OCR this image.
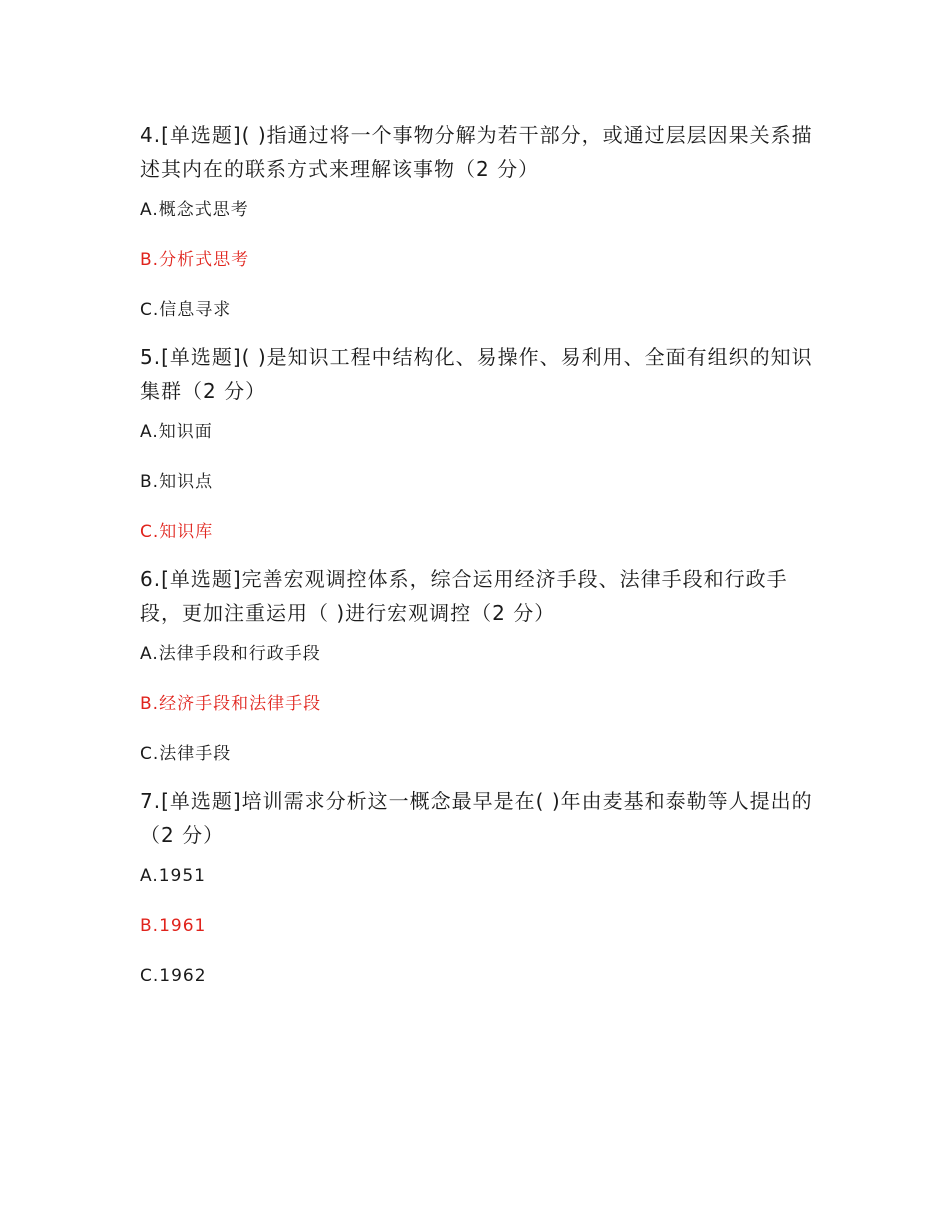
4.[单选题]( )指通过将一个事物分解为若干部分，或通过层层因果关系描述其内在的联系方式来理解该事物（2 分）

A.概念式思考

B.分析式思考

C.信息寻求

5.[单选题]( )是知识工程中结构化、易操作、易利用、全面有组织的知识集群（2 分）

A.知识面

B.知识点

C.知识库

6.[单选题]完善宏观调控体系，综合运用经济手段、法律手段和行政手段，更加注重运用（ )进行宏观调控（2 分）

A.法律手段和行政手段

B.经济手段和法律手段

C.法律手段

7.[单选题]培训需求分析这一概念最早是在( )年由麦基和泰勒等人提出的（2 分）

A.1951

B.1961

C.1962
